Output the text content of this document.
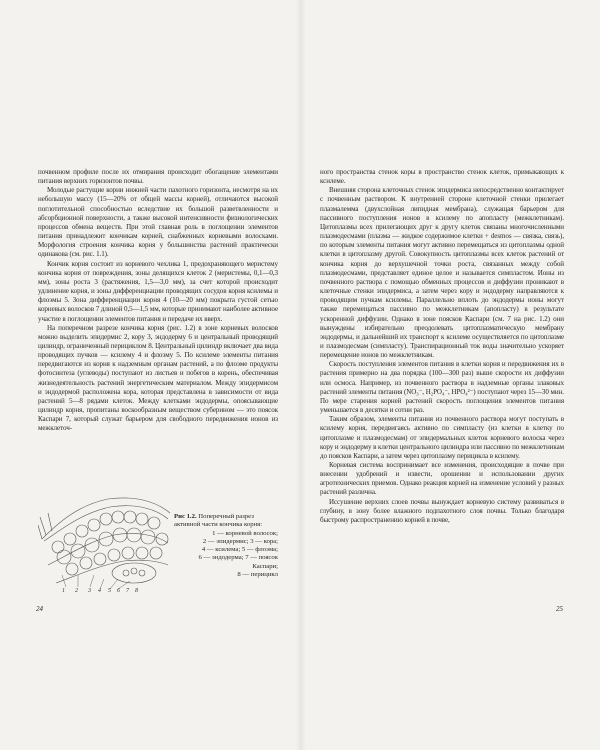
почвенном профиле после их отмирания происходит обогащение элементами питания верхних горизонтов почвы.

Молодые растущие корни нижней части пахотного горизонта, несмотря на их небольшую массу (15—20% от общей массы корней), отличаются высокой поглотительной способностью вследствие их большой разветвленности и абсорбционной поверхности, а также высокой интенсивности физиологических процессов обмена веществ. При этой главная роль в поглощении элементов питания принадлежит кончикам корней, снабженных корневыми волосками. Морфология строения кончика корня у большинства растений практически одинакова (см. рис. 1.1).

Кончик корня состоит из корневого чехлика 1, предохраняющего меристему кончика корня от повреждения, зоны делящихся клеток 2 (меристемы, 0,1—0,3 мм), зоны роста 3 (растяжения, 1,5—3,0 мм), за счет которой происходит удлинение корня, и зоны дифференциации проводящих сосудов корня ксилемы и флоэмы 5. Зона дифференциации корня 4 (10—20 мм) покрыта густой сетью корневых волосков 7 длиной 0,5—1,5 мм, которые принимают наиболее активное участие в поглощении элементов питания и передаче их вверх.

На поперечном разрезе кончика корня (рис. 1.2) в зоне корневых волосков можно выделить эпидермис 2, кору 3, эндодерму 6 и центральный проводящий цилиндр, ограниченный перициклом 8. Центральный цилиндр включает два вида проводящих пучков — ксилему 4 и флоэму 5. По ксилеме элементы питания передвигаются из корня к надземным органам растений, а по флоэме продукты фотосинтеза (углеводы) поступают из листьев и побегов в корень, обеспечивая жизнедеятельность растений энергетическим материалом. Между эпидермисом и эндодермой расположена кора, которая представлена в зависимости от вида растений 5—8 рядами клеток. Между клетками эндодермы, опоясывающие цилиндр корня, пропитаны воскообразным веществом суберином — это поясок Каспари 7, который служат барьером для свободного передвижения ионов из межклеточ-

1 2 3 4 5 6 7 8
Рис 1.2. Поперечный разрез активной части кончика корня:
1 — корневой волосок;
2 — эпидермис; 3 — кора;
4 — ксилема; 5 — флоэма;
6 — эндодерма; 7 — поясок Каспари;
8 — перицикл
24

ного пространства стенок коры в пространство стенок клеток, примыкающих к ксилеме.

Внешняя сторона клеточных стенок эпидермиса непосредственно контактирует с почвенным раствором. К внутренней стороне клеточной стенки прилегает плазмалемма (двухслойная липидная мембрана), служащая барьером для пассивного поступления ионов в ксилему по апопласту (межклетникам). Цитоплазмы всех прилегающих друг к другу клеток связаны многочисленными плазмодесмами (плазма — жидкое содержимое клетки + desmos — связка, связь), по которым элементы питания могут активно перемещаться из цитоплазмы одной клетки в цитоплазму другой. Совокупность цитоплазмы всех клеток растений от кончика корня до верхушечной точки роста, связанных между собой плазмодесмами, представляет единое целое и называется симпластом. Ионы из почвенного раствора с помощью обменных процессов и диффузии проникают в клеточные стенки эпидермиса, а затем через кору и эндодерму направляются к проводящим пучкам ксилемы. Параллельно вплоть до эндодермы ионы могут также перемещаться пассивно по межклетникам (апопласту) в результате ускоренной диффузии. Однако в зоне поясков Каспари (см. 7 на рис. 1.2) они вынуждены избирательно преодолевать цитоплазматическую мембрану эндодермы, и дальнейший их транспорт к ксилеме осуществляется по цитоплазме и плазмодесмам (симпласту). Транспирационный ток воды значительно ускоряет перемещение ионов по межклетникам.

Скорость поступления элементов питания в клетки корня и передвижения их в растения примерно на два порядка (100—300 раз) выше скорости их диффузии или осмоса. Например, из почвенного раствора в надземные органы злаковых растений элементы питания (NO₃⁻, H₂PO₄⁻, HPO₄²⁻) поступают через 15—30 мин. По мере старения корней растений скорость поглощения элементов питания уменьшается в десятки и сотни раз.

Таким образом, элементы питания из почвенного раствора могут поступать в ксилему корня, передвигаясь активно по симпласту (из клетки в клетку по цитоплазме и плазмодесмам) от эпидермальных клеток корневого волоска через кору и эндодерму в клетки центрального цилиндра или пассивно по межклетникам до поясков Каспари, а затем через цитоплазму перицикла в ксилему.

Корневая система воспринимает все изменения, происходящие в почве при внесении удобрений и извести, орошении и использовании других агротехнических приемов. Однако реакция корней на изменение условий у разных растений различна.

Иссушение верхних слоев почвы вынуждает корневую систему развиваться в глубину, в зону более влажного подпахотного слоя почвы. Только благодаря быстрому распространению корней в почве,

25
